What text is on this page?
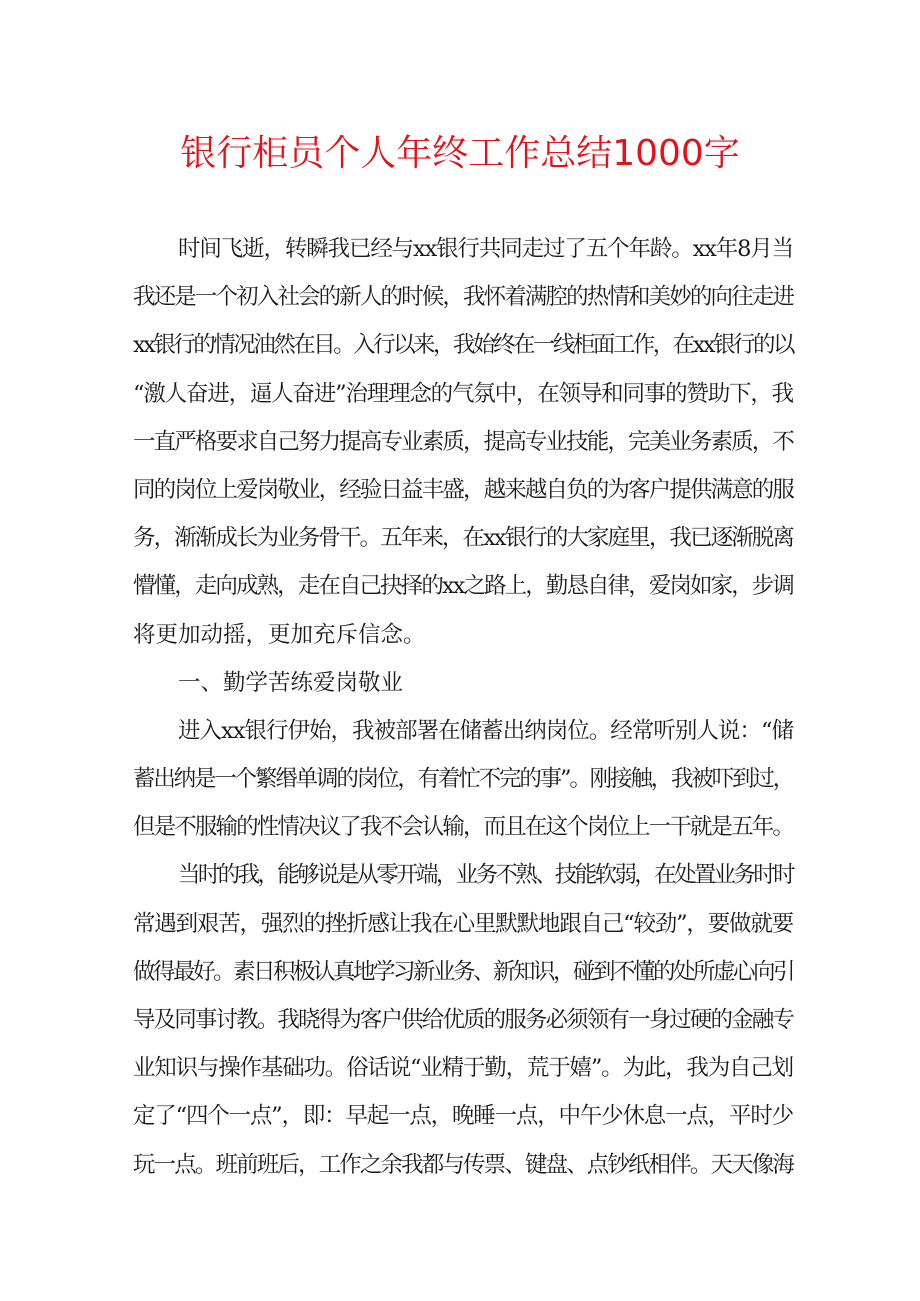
银行柜员个人年终工作总结1000字
时间飞逝，转瞬我已经与xx银行共同走过了五个年龄。xx年8月当
我还是一个初入社会的新人的时候，我怀着满腔的热情和美妙的向往走进
xx银行的情况油然在目。入行以来，我始终在一线柜面工作，在xx银行的以
“激人奋进，逼人奋进”治理理念的气氛中，在领导和同事的赞助下，我
一直严格要求自己努力提高专业素质，提高专业技能，完美业务素质，不
同的岗位上爱岗敬业，经验日益丰盛，越来越自负的为客户提供满意的服
务，渐渐成长为业务骨干。五年来，在xx银行的大家庭里，我已逐渐脱离
懵懂，走向成熟，走在自己抉择的xx之路上，勤恳自律，爱岗如家，步调
将更加动摇，更加充斥信念。
一、勤学苦练爱岗敬业
进入xx银行伊始，我被部署在储蓄出纳岗位。经常听别人说：“储
蓄出纳是一个繁缗单调的岗位，有着忙不完的事”。刚接触，我被吓到过，
但是不服输的性情决议了我不会认输，而且在这个岗位上一干就是五年。
当时的我，能够说是从零开端，业务不熟、技能软弱，在处置业务时时
常遇到艰苦，强烈的挫折感让我在心里默默地跟自己“较劲”，要做就要
做得最好。素日积极认真地学习新业务、新知识，碰到不懂的处所虚心向引
导及同事讨教。我晓得为客户供给优质的服务必须领有一身过硬的金融专
业知识与操作基础功。俗话说“业精于勤，荒于嬉”。为此，我为自己划
定了“四个一点”，即：早起一点，晚睡一点，中午少休息一点，平时少
玩一点。班前班后，工作之余我都与传票、键盘、点钞纸相伴。天天像海
